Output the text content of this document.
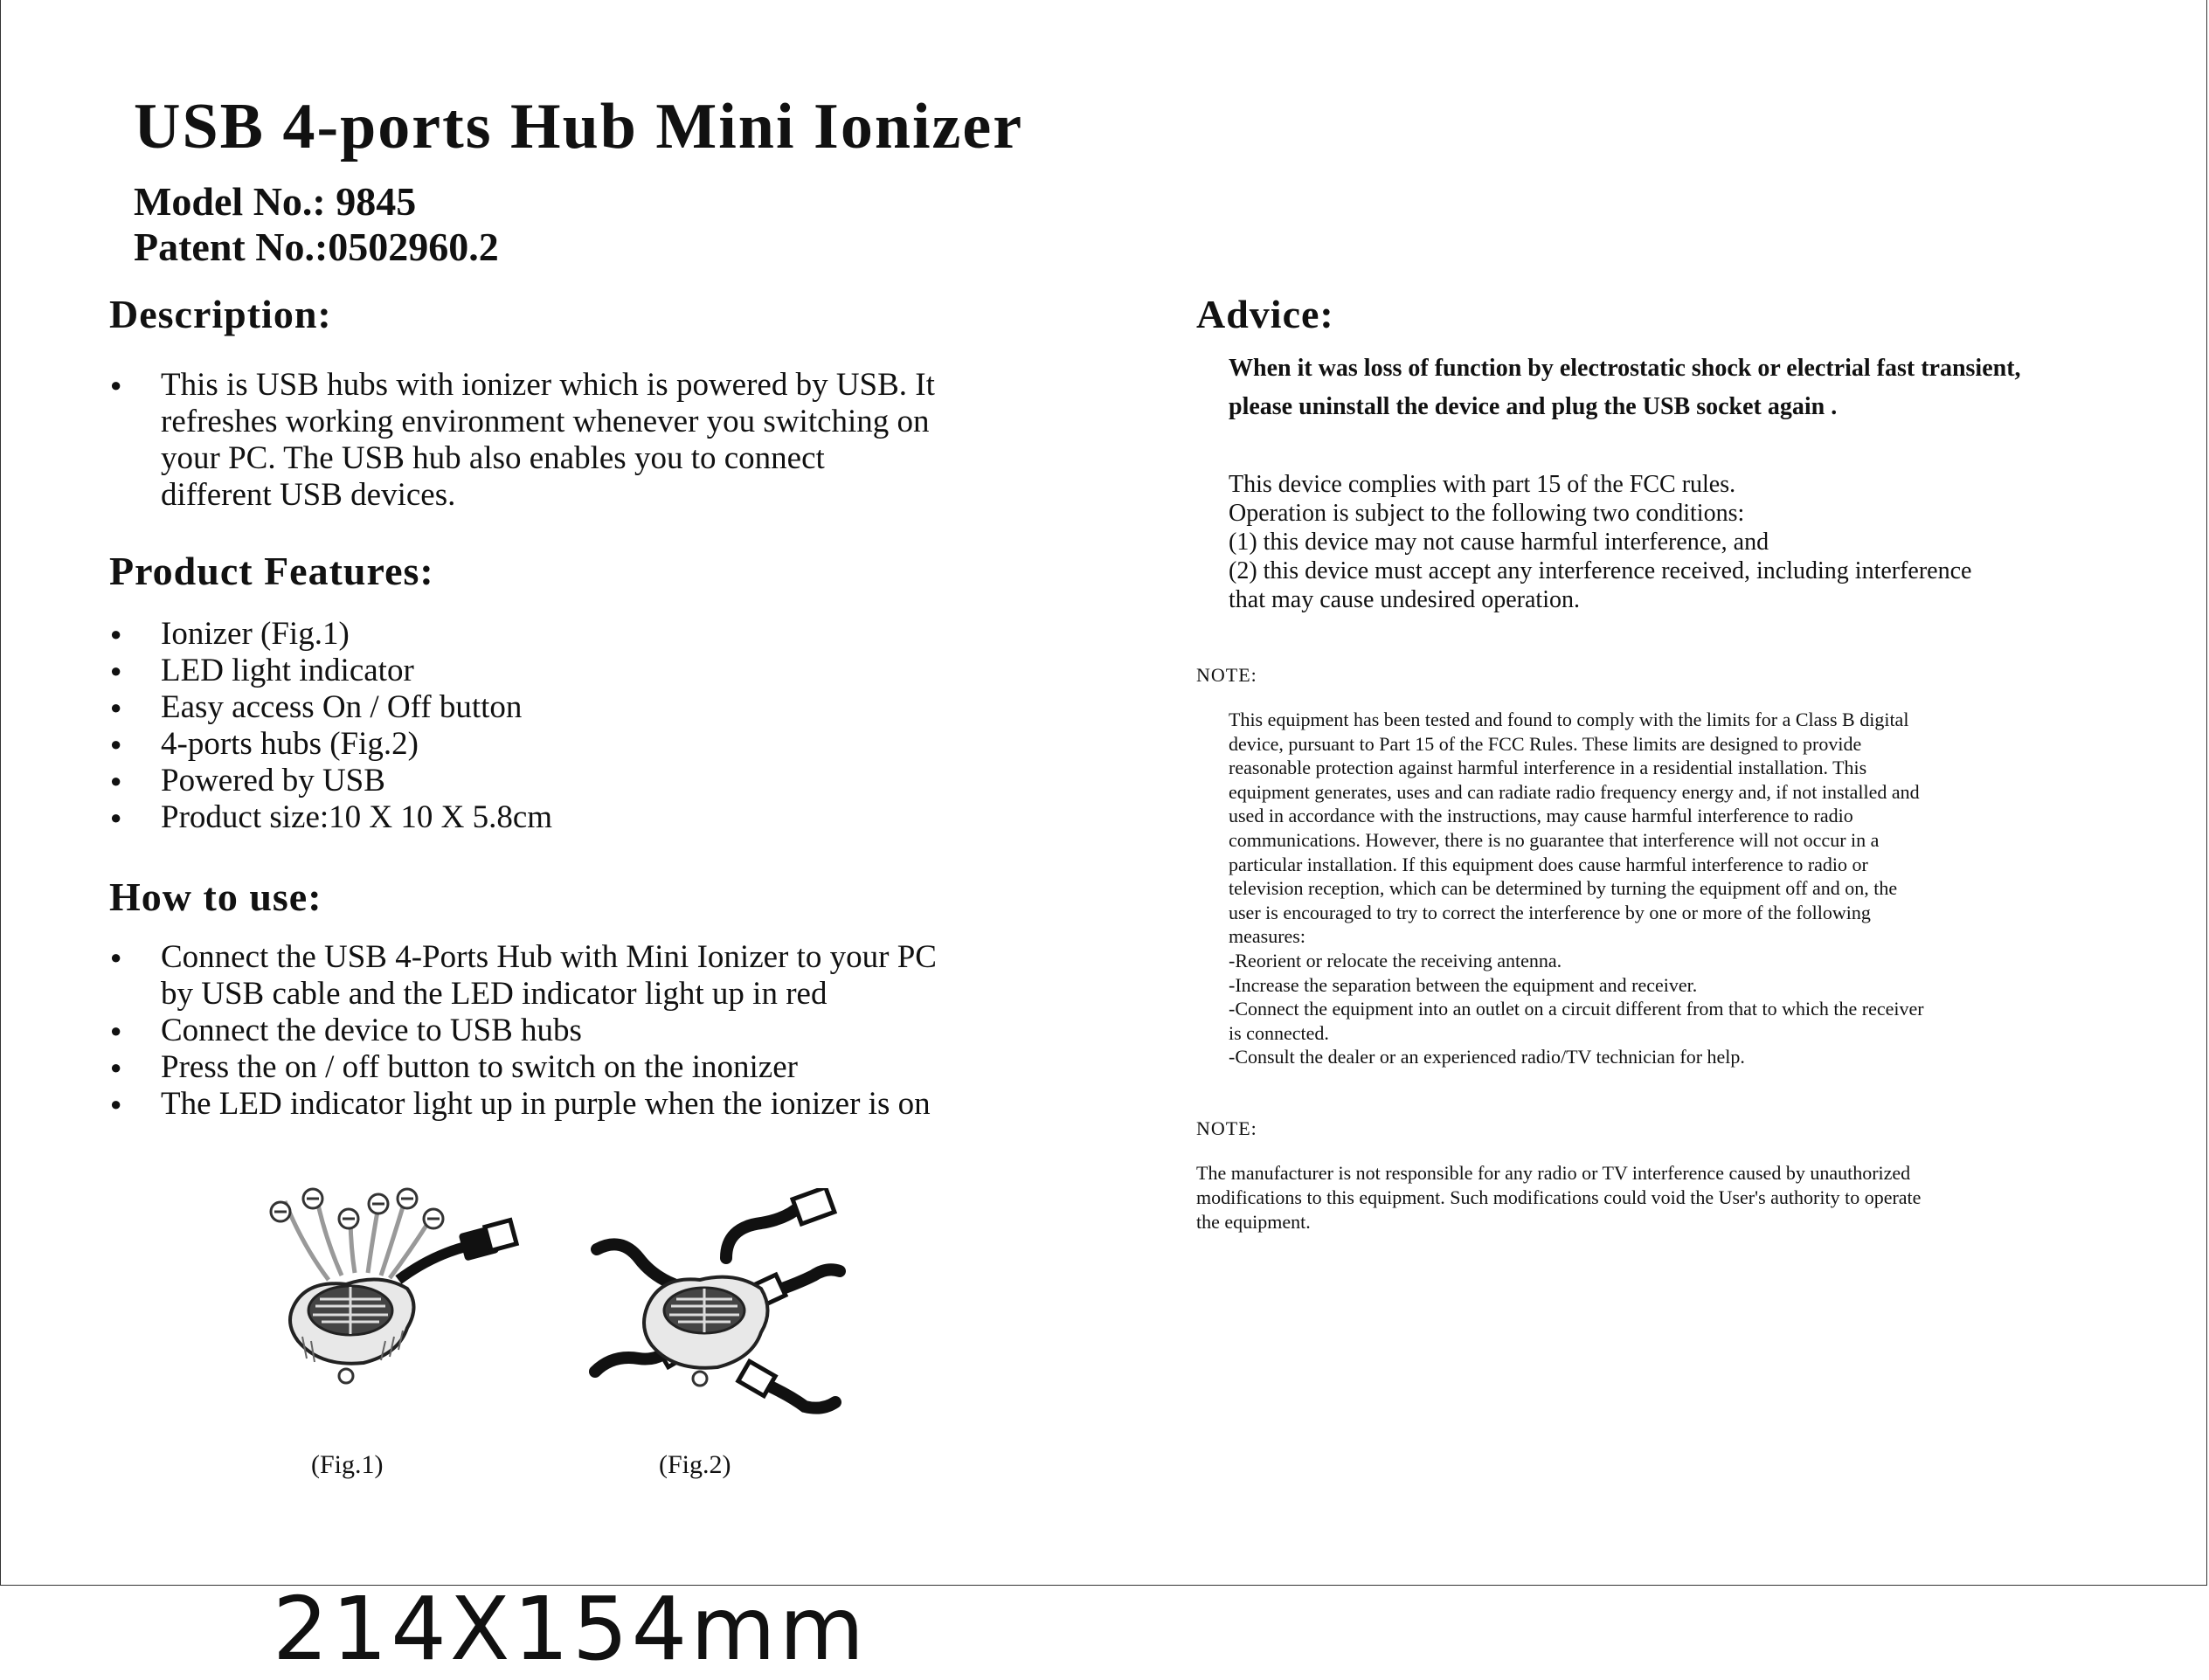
USB 4-ports Hub Mini Ionizer
Model No.: 9845
Patent No.:0502960.2
Description:
● This is USB hubs with ionizer which is powered by USB. It
refreshes working environment whenever you switching on
your PC. The USB hub also enables you to connect
different USB devices.
Product Features:
● Ionizer (Fig.1)
● LED light indicator
● Easy access On / Off button
● 4-ports hubs (Fig.2)
● Powered by USB
● Product size:10 X 10 X 5.8cm
How to use:
● Connect the USB 4-Ports Hub with Mini Ionizer to your PC
by USB cable and the LED indicator light up in red
● Connect the device to USB hubs
● Press the on / off button to switch on the inonizer
● The LED indicator light up in purple when the ionizer is on
(Fig.1)	(Fig.2)
Advice:
When it was loss of function by electrostatic shock or electrial fast transient,
please uninstall the device and plug the USB socket again .
This device complies with part 15 of the FCC rules.
Operation is subject to the following two conditions:
(1) this device may not cause harmful interference, and
(2) this device must accept any interference received, including interference
that may cause undesired operation.
NOTE:
This equipment has been tested and found to comply with the limits for a Class B digital
device, pursuant to Part 15 of the FCC Rules. These limits are designed to provide
reasonable protection against harmful interference in a residential installation. This
equipment generates, uses and can radiate radio frequency energy and, if not installed and
used in accordance with the instructions, may cause harmful interference to radio
communications. However, there is no guarantee that interference will not occur in a
particular installation. If this equipment does cause harmful interference to radio or
television reception, which can be determined by turning the equipment off and on, the
user is encouraged to try to correct the interference by one or more of the following
measures:
-Reorient or relocate the receiving antenna.
-Increase the separation between the equipment and receiver.
-Connect the equipment into an outlet on a circuit different from that to which the receiver
is connected.
-Consult the dealer or an experienced radio/TV technician for help.
NOTE:
The manufacturer is not responsible for any radio or TV interference caused by unauthorized
modifications to this equipment. Such modifications could void the User's authority to operate
the equipment.
214X154mm
